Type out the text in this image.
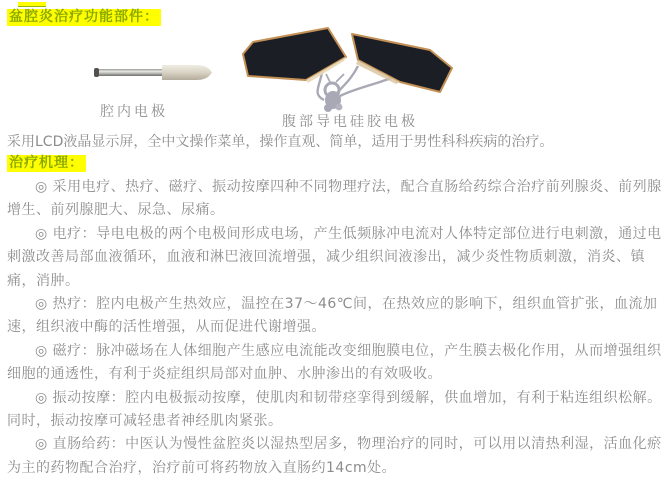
盆腔炎治疗功能部件：
腔内电极
腹部导电硅胶电极

采用LCD液晶显示屏，全中文操作菜单，操作直观、简单，适用于男性科科疾病的治疗。

治疗机理：

◎ 采用电疗、热疗、磁疗、振动按摩四种不同物理疗法，配合直肠给药综合治疗前列腺炎、前列腺增生、前列腺肥大、尿急、尿痛。

◎ 电疗：导电电极的两个电极间形成电场，产生低频脉冲电流对人体特定部位进行电刺激，通过电刺激改善局部血液循环，血液和淋巴液回流增强，减少组织间液渗出，减少炎性物质刺激，消炎、镇痛，消肿。

◎ 热疗：腔内电极产生热效应，温控在37～46℃间，在热效应的影响下，组织血管扩张，血流加速，组织液中酶的活性增强，从而促进代谢增强。

◎ 磁疗：脉冲磁场在人体细胞产生感应电流能改变细胞膜电位，产生膜去极化作用，从而增强组织细胞的通透性，有利于炎症组织局部对血肿、水肿渗出的有效吸收。

◎ 振动按摩：腔内电极振动按摩，使肌肉和韧带痉挛得到缓解，供血增加，有利于粘连组织松解。同时，振动按摩可减轻患者神经肌肉紧张。

◎ 直肠给药：中医认为慢性盆腔炎以湿热型居多，物理治疗的同时，可以用以清热利湿，活血化瘀为主的药物配合治疗，治疗前可将药物放入直肠约14cm处。
